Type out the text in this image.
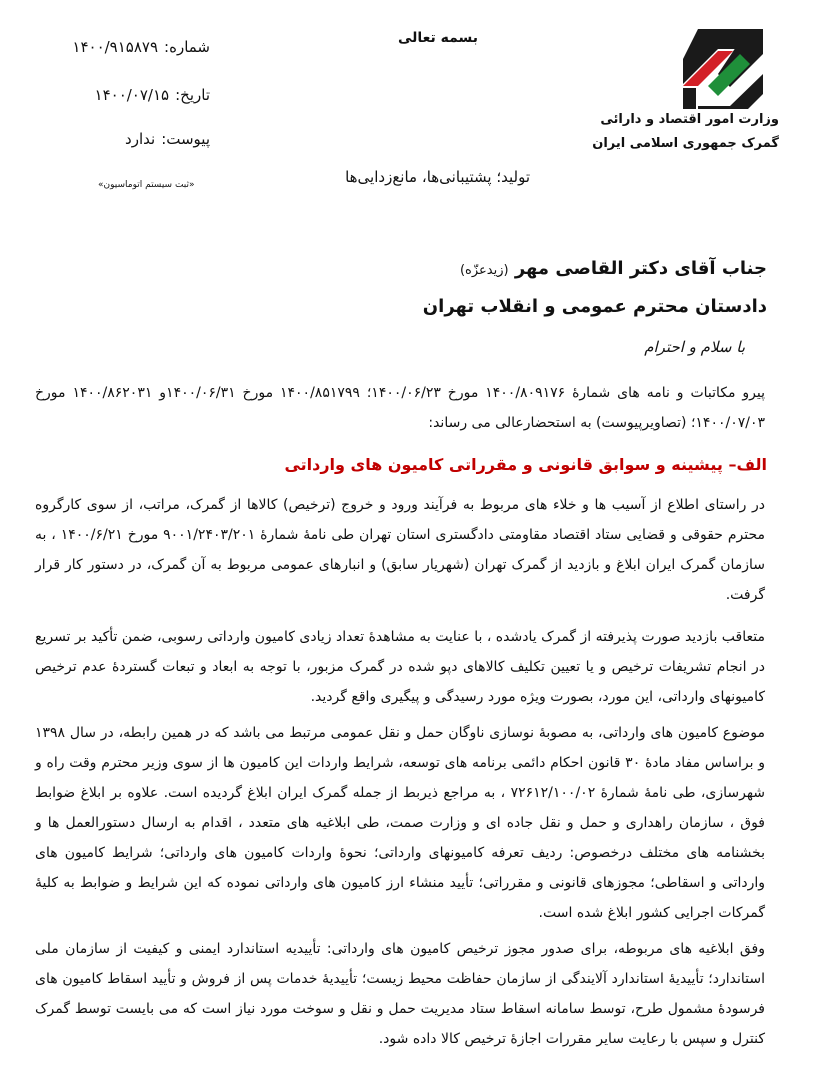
وزارت امور اقتصاد و دارائی
گمرک جمهوری اسلامی ایران
بسمه تعالی
شماره:۱۴۰۰/۹۱۵۸۷۹
تاریخ:۱۴۰۰/۰۷/۱۵
پیوست:ندارد
«ثبت سیستم اتوماسیون»	تولید؛ پشتیبانی‌ها، مانع‌زدایی‌ها
جناب آقای دکتر القاصی مهر (زیدعزّه)
دادستان محترم عمومی و انقلاب تهران
با سلام و احترام
پیرو مکاتبات و نامه های شمارۀ ۱۴۰۰/۸۰۹۱۷۶ مورخ ۱۴۰۰/۰۶/۲۳؛ ۱۴۰۰/۸۵۱۷۹۹ مورخ ۱۴۰۰/۰۶/۳۱و ۱۴۰۰/۸۶۲۰۳۱ مورخ ۱۴۰۰/۰۷/۰۳؛ (تصاویرپیوست) به استحضارعالی می رساند:
الف– پیشینه و سوابق قانونی و مقرراتی کامیون های وارداتی
در راستای اطلاع از آسیب ها و خلاء های مربوط به فرآیند ورود و خروج (ترخیص) کالاها از گمرک، مراتب، از سوی کارگروه محترم حقوقی و قضایی ستاد اقتصاد مقاومتی دادگستری استان تهران طی نامۀ شمارۀ ۹۰۰۱/۲۴۰۳/۲۰۱ مورخ ۱۴۰۰/۶/۲۱ ، به سازمان گمرک ایران ابلاغ و بازدید از گمرک تهران (شهریار سابق) و انبارهای عمومی مربوط به آن گمرک، در دستور کار قرار گرفت.
متعاقب بازدید صورت پذیرفته از گمرک یادشده ، با عنایت به مشاهدۀ تعداد زیادی کامیون وارداتی رسوبی، ضمن تأکید بر تسریع در انجام تشریفات ترخیص و یا تعیین تکلیف کالاهای دپو شده در گمرک مزبور، با توجه به ابعاد و تبعات گستردۀ عدم ترخیص کامیونهای وارداتی، این مورد، بصورت ویژه مورد رسیدگی و پیگیری واقع گردید.
موضوع کامیون های وارداتی، به مصوبۀ نوسازی ناوگان حمل و نقل عمومی مرتبط می باشد که در همین رابطه، در سال ۱۳۹۸ و براساس مفاد مادۀ ۳۰ قانون احکام دائمی برنامه های توسعه، شرایط واردات این کامیون ها از سوی وزیر محترم وقت راه و شهرسازی، طی نامۀ شمارۀ ۷۲۶۱۲/۱۰۰/۰۲ ، به مراجع ذیربط از جمله گمرک ایران ابلاغ گردیده است. علاوه بر ابلاغ ضوابط فوق ، سازمان راهداری و حمل و نقل جاده ای و وزارت صمت، طی ابلاغیه های متعدد ، اقدام به ارسال دستورالعمل ها و بخشنامه های مختلف درخصوص: ردیف تعرفه کامیونهای وارداتی؛ نحوۀ واردات کامیون های وارداتی؛ شرایط کامیون های وارداتی و اسقاطی؛ مجوزهای قانونی و مقرراتی؛ تأیید منشاء ارز کامیون های وارداتی نموده که این شرایط و ضوابط به کلیۀ گمرکات اجرایی کشور ابلاغ شده است.
وفق ابلاغیه های مربوطه، برای صدور مجوز ترخیص کامیون های وارداتی: تأییدیه استاندارد ایمنی و کیفیت از سازمان ملی استاندارد؛ تأییدیۀ استاندارد آلایندگی از سازمان حفاظت محیط زیست؛ تأییدیۀ خدمات پس از فروش و تأیید اسقاط کامیون های فرسودۀ مشمول طرح، توسط سامانه اسقاط ستاد مدیریت حمل و نقل و سوخت مورد نیاز است که می بایست توسط گمرک کنترل و سپس با رعایت سایر مقررات اجازۀ ترخیص کالا داده شود.
